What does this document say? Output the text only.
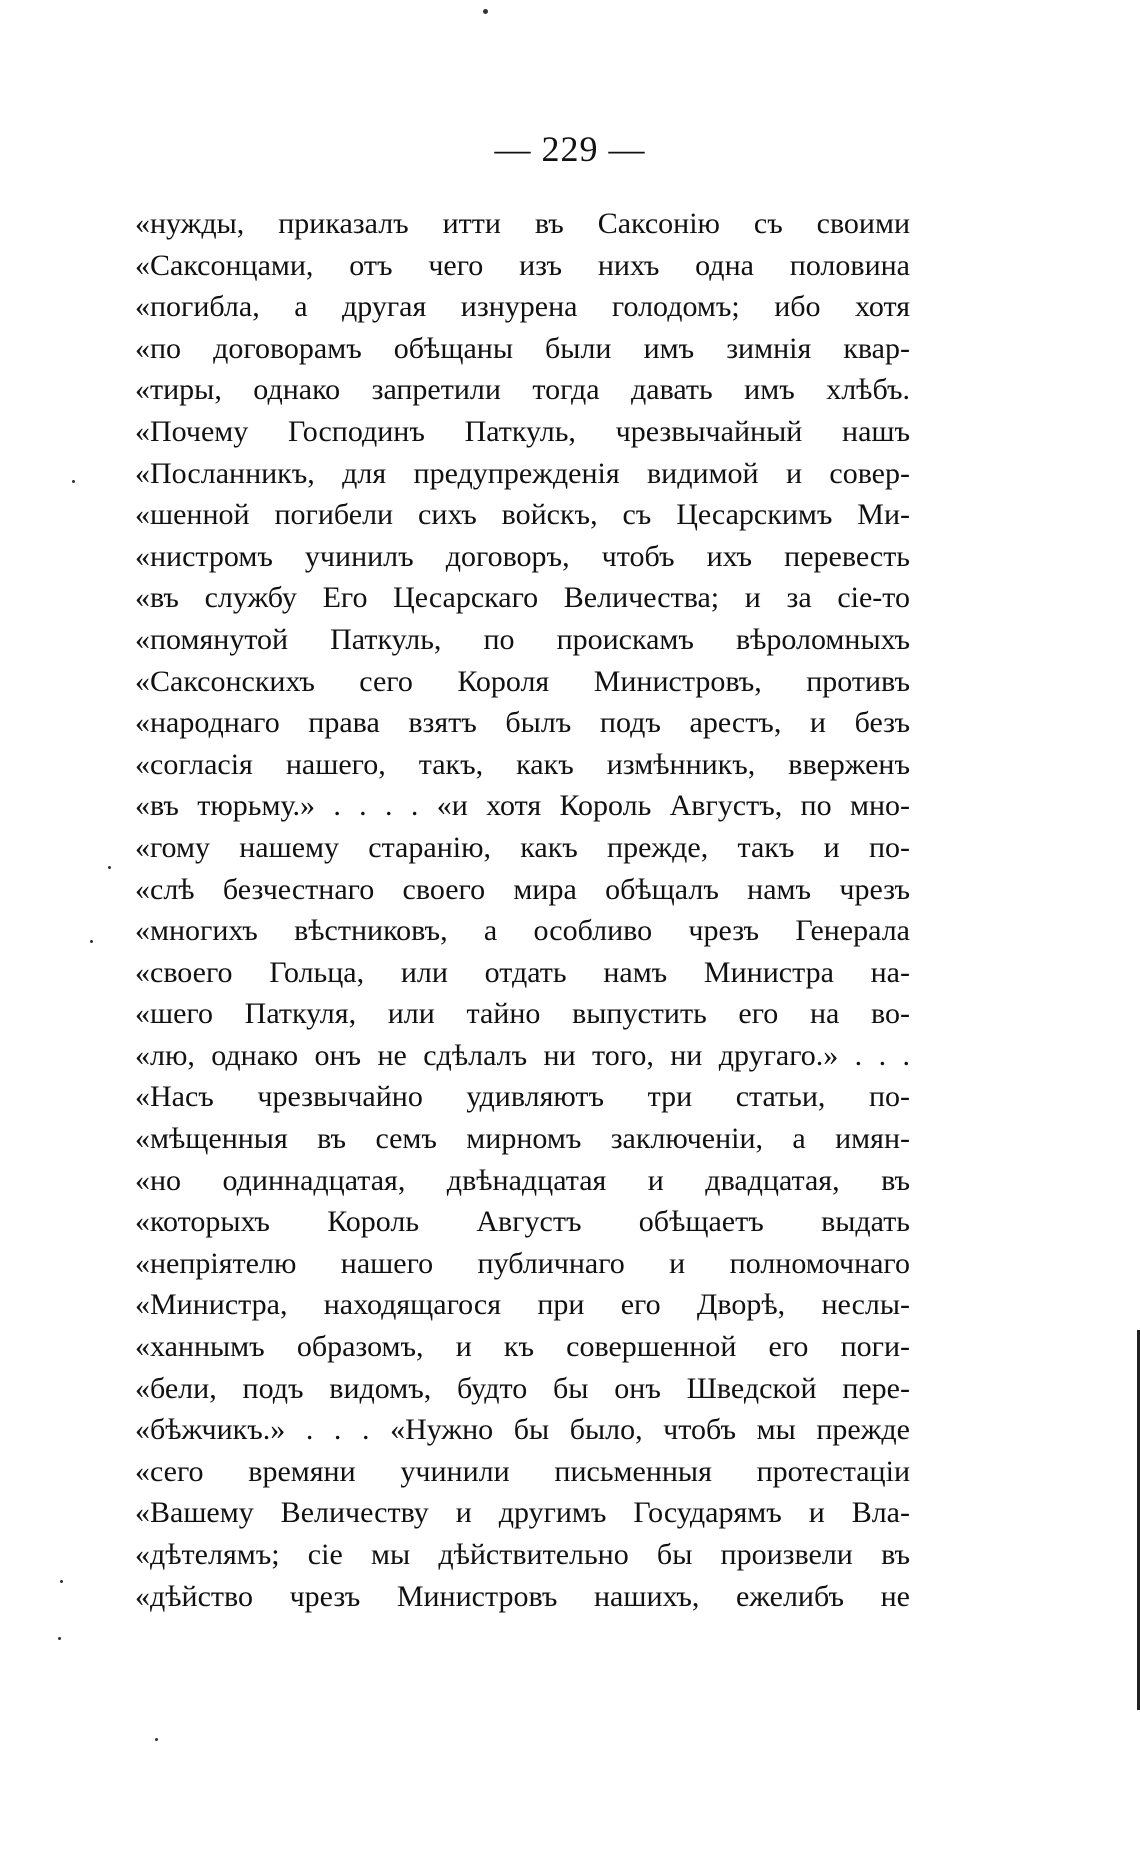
— 229 —
«нужды, приказалъ итти въ Саксонію съ своими
«Саксонцами, отъ чего изъ нихъ одна половина
«погибла, а другая изнурена голодомъ; ибо хотя
«по договорамъ обѣщаны были имъ зимнія квар-
«тиры, однако запретили тогда давать имъ хлѣбъ.
«Почему Господинъ Паткуль, чрезвычайный нашъ
«Посланникъ, для предупрежденія видимой и совер-
«шенной погибели сихъ войскъ, съ Цесарскимъ Ми-
«нистромъ учинилъ договоръ, чтобъ ихъ перевесть
«въ службу Его Цесарскаго Величества; и за сіе-то
«помянутой Паткуль, по проискамъ вѣроломныхъ
«Саксонскихъ сего Короля Министровъ, противъ
«народнаго права взятъ былъ подъ арестъ, и безъ
«согласія нашего, такъ, какъ измѣнникъ, вверженъ
«въ тюрьму.» . . . . «и хотя Король Августъ, по мно-
«гому нашему старанію, какъ прежде, такъ и по-
«слѣ безчестнаго своего мира обѣщалъ намъ чрезъ
«многихъ вѣстниковъ, а особливо чрезъ Генерала
«своего Гольца, или отдать намъ Министра на-
«шего Паткуля, или тайно выпустить его на во-
«лю, однако онъ не сдѣлалъ ни того, ни другаго.» . . .
«Насъ чрезвычайно удивляютъ три статьи, по-
«мѣщенныя въ семъ мирномъ заключеніи, а имян-
«но одиннадцатая, двѣнадцатая и двадцатая, въ
«которыхъ Король Августъ обѣщаетъ выдать
«непріятелю нашего публичнаго и полномочнаго
«Министра, находящагося при его Дворѣ, неслы-
«ханнымъ образомъ, и къ совершенной его поги-
«бели, подъ видомъ, будто бы онъ Шведской пере-
«бѣжчикъ.» . . . «Нужно бы было, чтобъ мы прежде
«сего времяни учинили письменныя протестаціи
«Вашему Величеству и другимъ Государямъ и Вла-
«дѣтелямъ; сіе мы дѣйствительно бы произвели въ
«дѣйство чрезъ Министровъ нашихъ, ежелибъ не
